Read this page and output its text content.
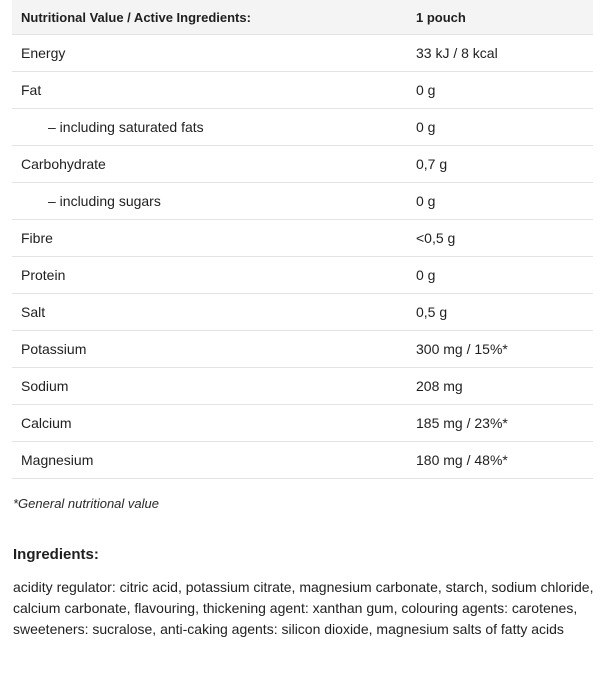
Nutritional Value / Active Ingredients:	1 pouch
Energy	33 kJ / 8 kcal
Fat	0 g
– including saturated fats	0 g
Carbohydrate	0,7 g
– including sugars	0 g
Fibre	<0,5 g
Protein	0 g
Salt	0,5 g
Potassium	300 mg / 15%*
Sodium	208 mg
Calcium	185 mg / 23%*
Magnesium	180 mg / 48%*
*General nutritional value
Ingredients:
acidity regulator: citric acid, potassium citrate, magnesium carbonate, starch, sodium chloride, calcium carbonate, flavouring, thickening agent: xanthan gum, colouring agents: carotenes, sweeteners: sucralose, anti-caking agents: silicon dioxide, magnesium salts of fatty acids
